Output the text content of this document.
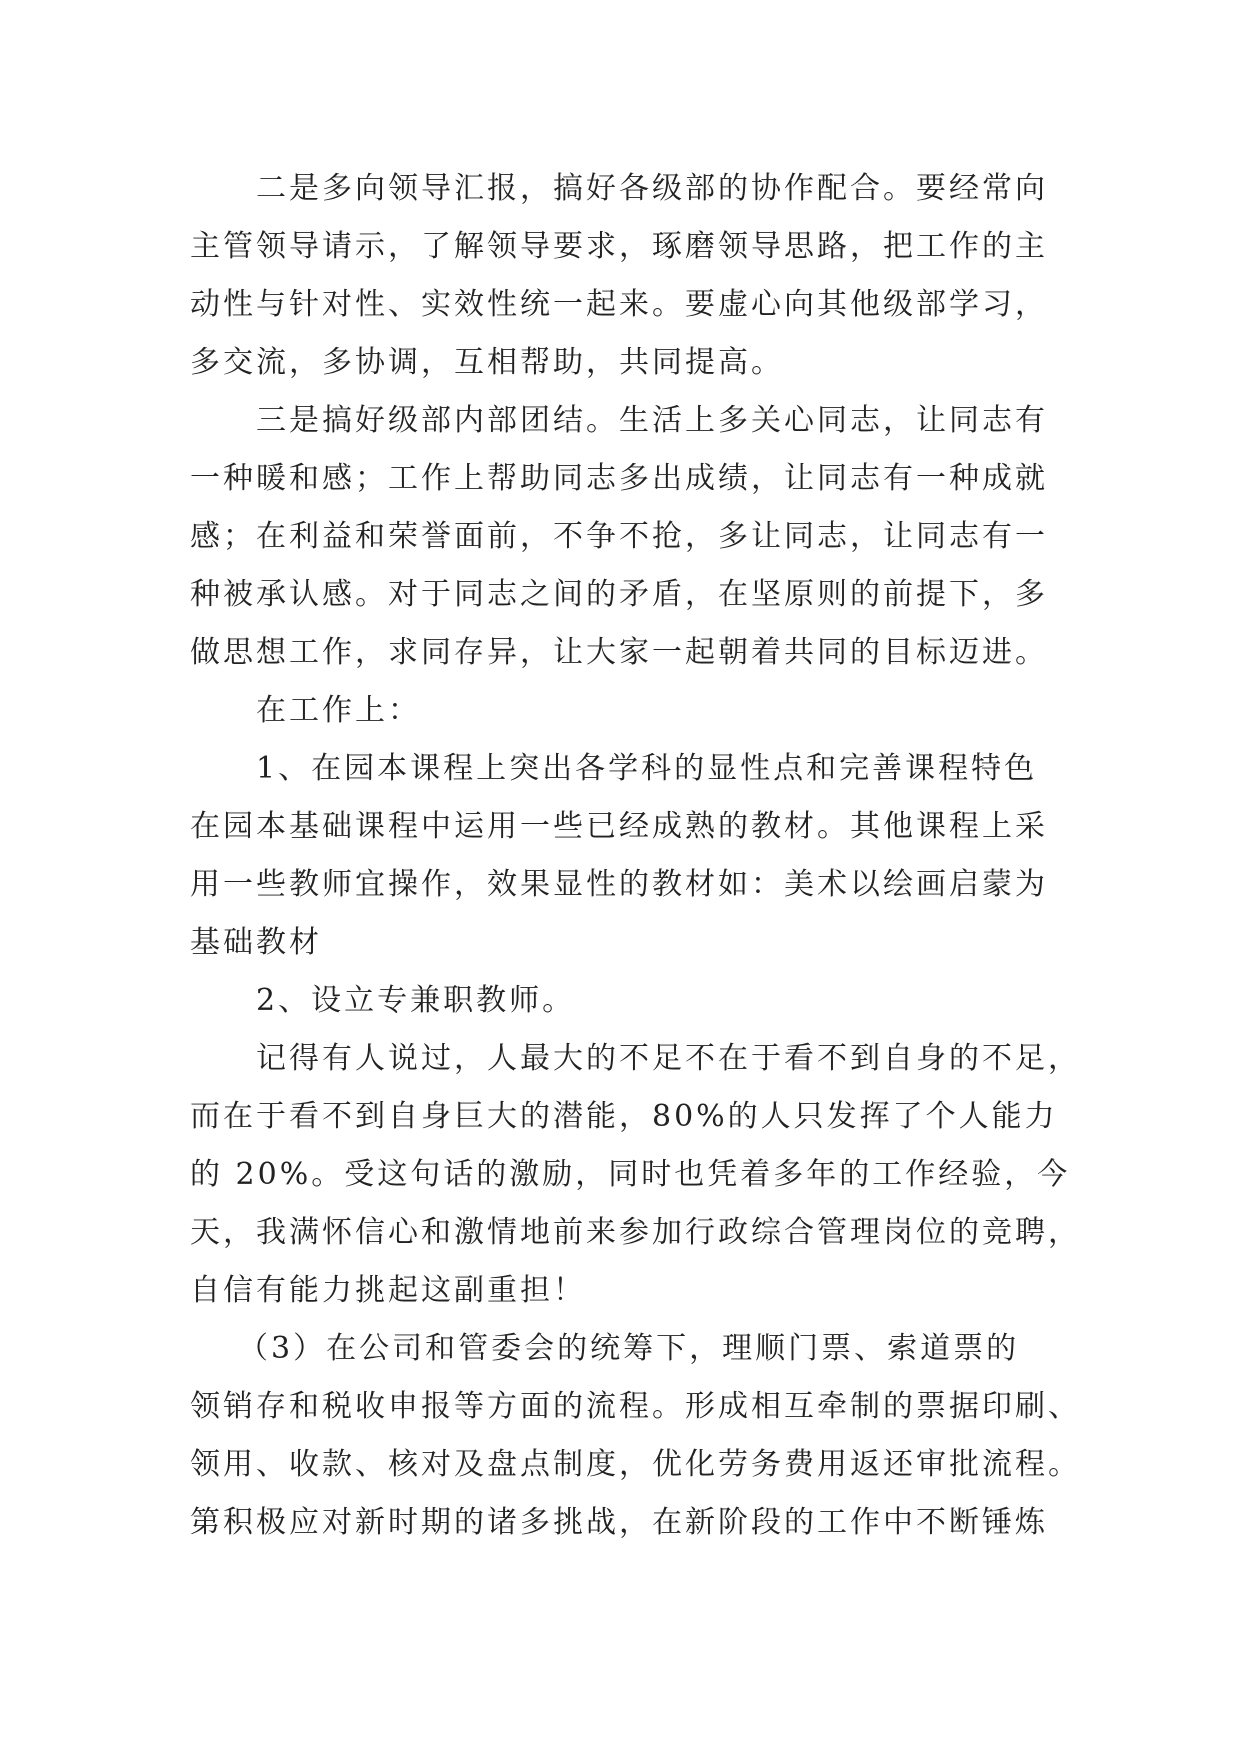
二是多向领导汇报，搞好各级部的协作配合。要经常向
主管领导请示，了解领导要求，琢磨领导思路，把工作的主
动性与针对性、实效性统一起来。要虚心向其他级部学习，
多交流，多协调，互相帮助，共同提高。

三是搞好级部内部团结。生活上多关心同志，让同志有
一种暖和感；工作上帮助同志多出成绩，让同志有一种成就
感；在利益和荣誉面前，不争不抢，多让同志，让同志有一
种被承认感。对于同志之间的矛盾，在坚原则的前提下，多
做思想工作，求同存异，让大家一起朝着共同的目标迈进。

在工作上：

1、在园本课程上突出各学科的显性点和完善课程特色
在园本基础课程中运用一些已经成熟的教材。其他课程上采
用一些教师宜操作，效果显性的教材如：美术以绘画启蒙为
基础教材

2、设立专兼职教师。

记得有人说过，人最大的不足不在于看不到自身的不足，
而在于看不到自身巨大的潜能，80%的人只发挥了个人能力
的 20%。受这句话的激励，同时也凭着多年的工作经验，今
天，我满怀信心和激情地前来参加行政综合管理岗位的竞聘，
自信有能力挑起这副重担！

（3）在公司和管委会的统筹下，理顺门票、索道票的
领销存和税收申报等方面的流程。形成相互牵制的票据印刷、
领用、收款、核对及盘点制度，优化劳务费用返还审批流程。
第积极应对新时期的诸多挑战，在新阶段的工作中不断锤炼
